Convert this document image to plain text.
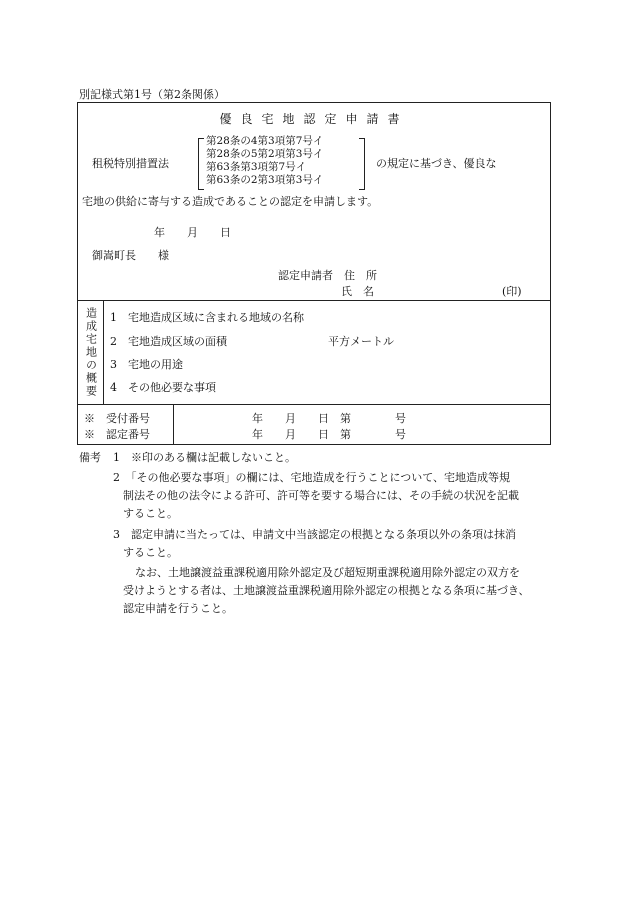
別記様式第1号（第2条関係）
優良宅地認定申請書
租税特別措置法
第28条の4第3項第7号イ
第28条の5第2項第3号イ
第63条第3項第7号イ
第63条の2第3項第3号イ
の規定に基づき、優良な
宅地の供給に寄与する造成であることの認定を申請します。
年　　月　　日
御嵩町長　　様
認定申請者　住　所
氏　名	(印)
造成宅地の概要 1　宅地造成区域に含まれる地域の名称
2　宅地造成区域の面積	平方メートル
3　宅地の用途
4　その他必要な事項
※　受付番号
※　認定番号
年　　月　　日　第　　　　号
年　　月　　日　第　　　　号
備考 1　※印のある欄は記載しないこと。
2　「その他必要な事項」の欄には、宅地造成を行うことについて、宅地造成等規
制法その他の法令による許可、許可等を要する場合には、その手続の状況を記載
すること。
3　認定申請に当たっては、申請文中当該認定の根拠となる条項以外の条項は抹消
すること。
なお、土地譲渡益重課税適用除外認定及び超短期重課税適用除外認定の双方を
受けようとする者は、土地譲渡益重課税適用除外認定の根拠となる条項に基づき、
認定申請を行うこと。
